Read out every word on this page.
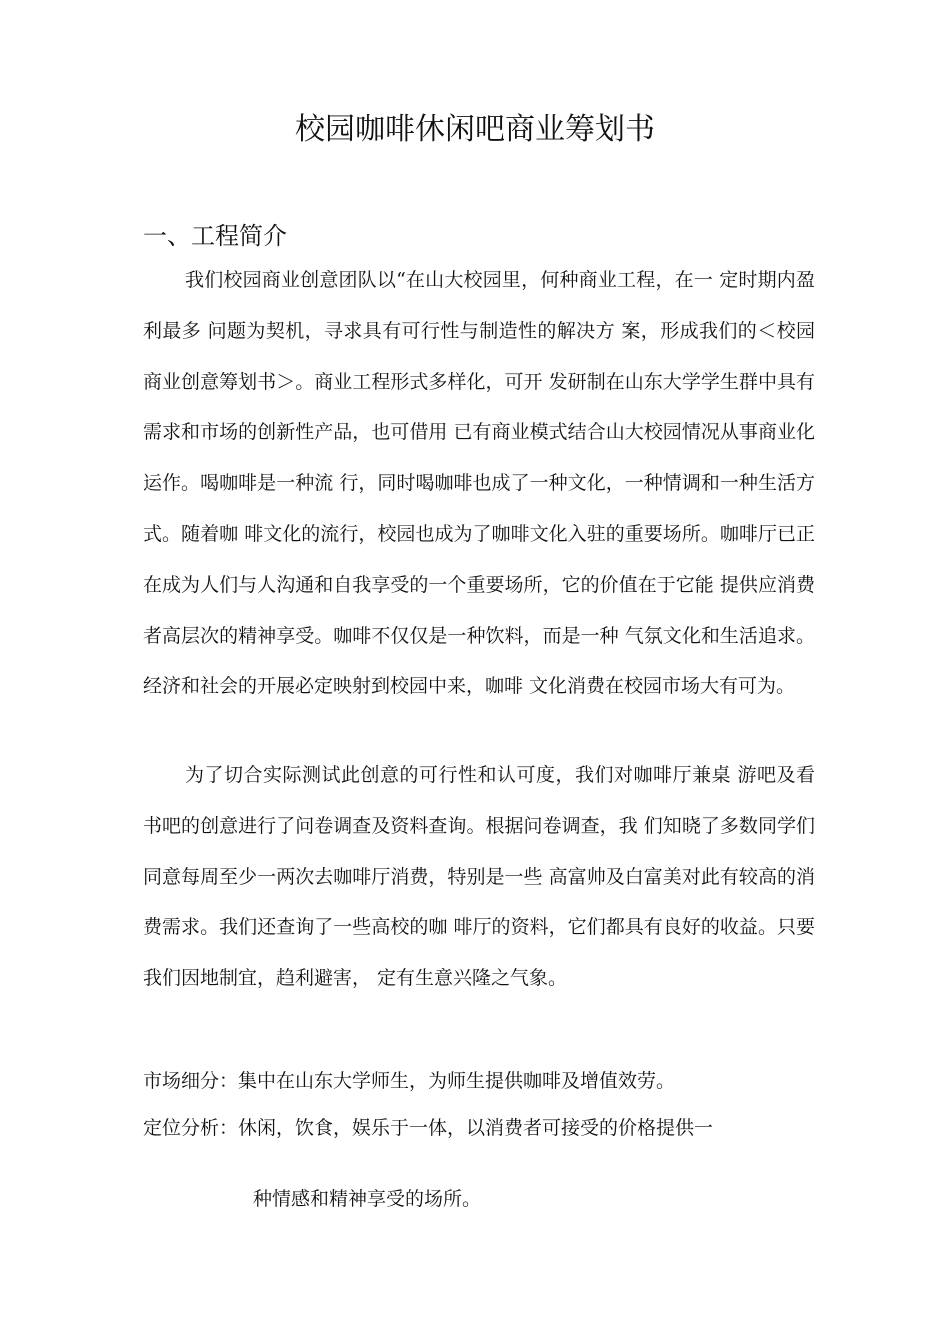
校园咖啡休闲吧商业筹划书
一、工程简介

我们校园商业创意团队以“在山大校园里，何种商业工程，在一 定时期内盈利最多 问题为契机，寻求具有可行性与制造性的解决方 案，形成我们的＜校园商业创意筹划书＞。商业工程形式多样化，可开 发研制在山东大学学生群中具有需求和市场的创新性产品，也可借用 已有商业模式结合山大校园情况从事商业化运作。喝咖啡是一种流 行，同时喝咖啡也成了一种文化，一种情调和一种生活方式。随着咖 啡文化的流行，校园也成为了咖啡文化入驻的重要场所。咖啡厅已正 在成为人们与人沟通和自我享受的一个重要场所，它的价值在于它能 提供应消费者高层次的精神享受。咖啡不仅仅是一种饮料，而是一种 气氛文化和生活追求。经济和社会的开展必定映射到校园中来，咖啡 文化消费在校园市场大有可为。

为了切合实际测试此创意的可行性和认可度，我们对咖啡厅兼桌 游吧及看书吧的创意进行了问卷调查及资料查询。根据问卷调查，我 们知晓了多数同学们同意每周至少一两次去咖啡厅消费，特别是一些 高富帅及白富美对此有较高的消费需求。我们还查询了一些高校的咖 啡厅的资料，它们都具有良好的收益。只要我们因地制宜，趋利避害， 定有生意兴隆之气象。

市场细分：集中在山东大学师生，为师生提供咖啡及增值效劳。

定位分析：休闲，饮食，娱乐于一体，以消费者可接受的价格提供一

种情感和精神享受的场所。
